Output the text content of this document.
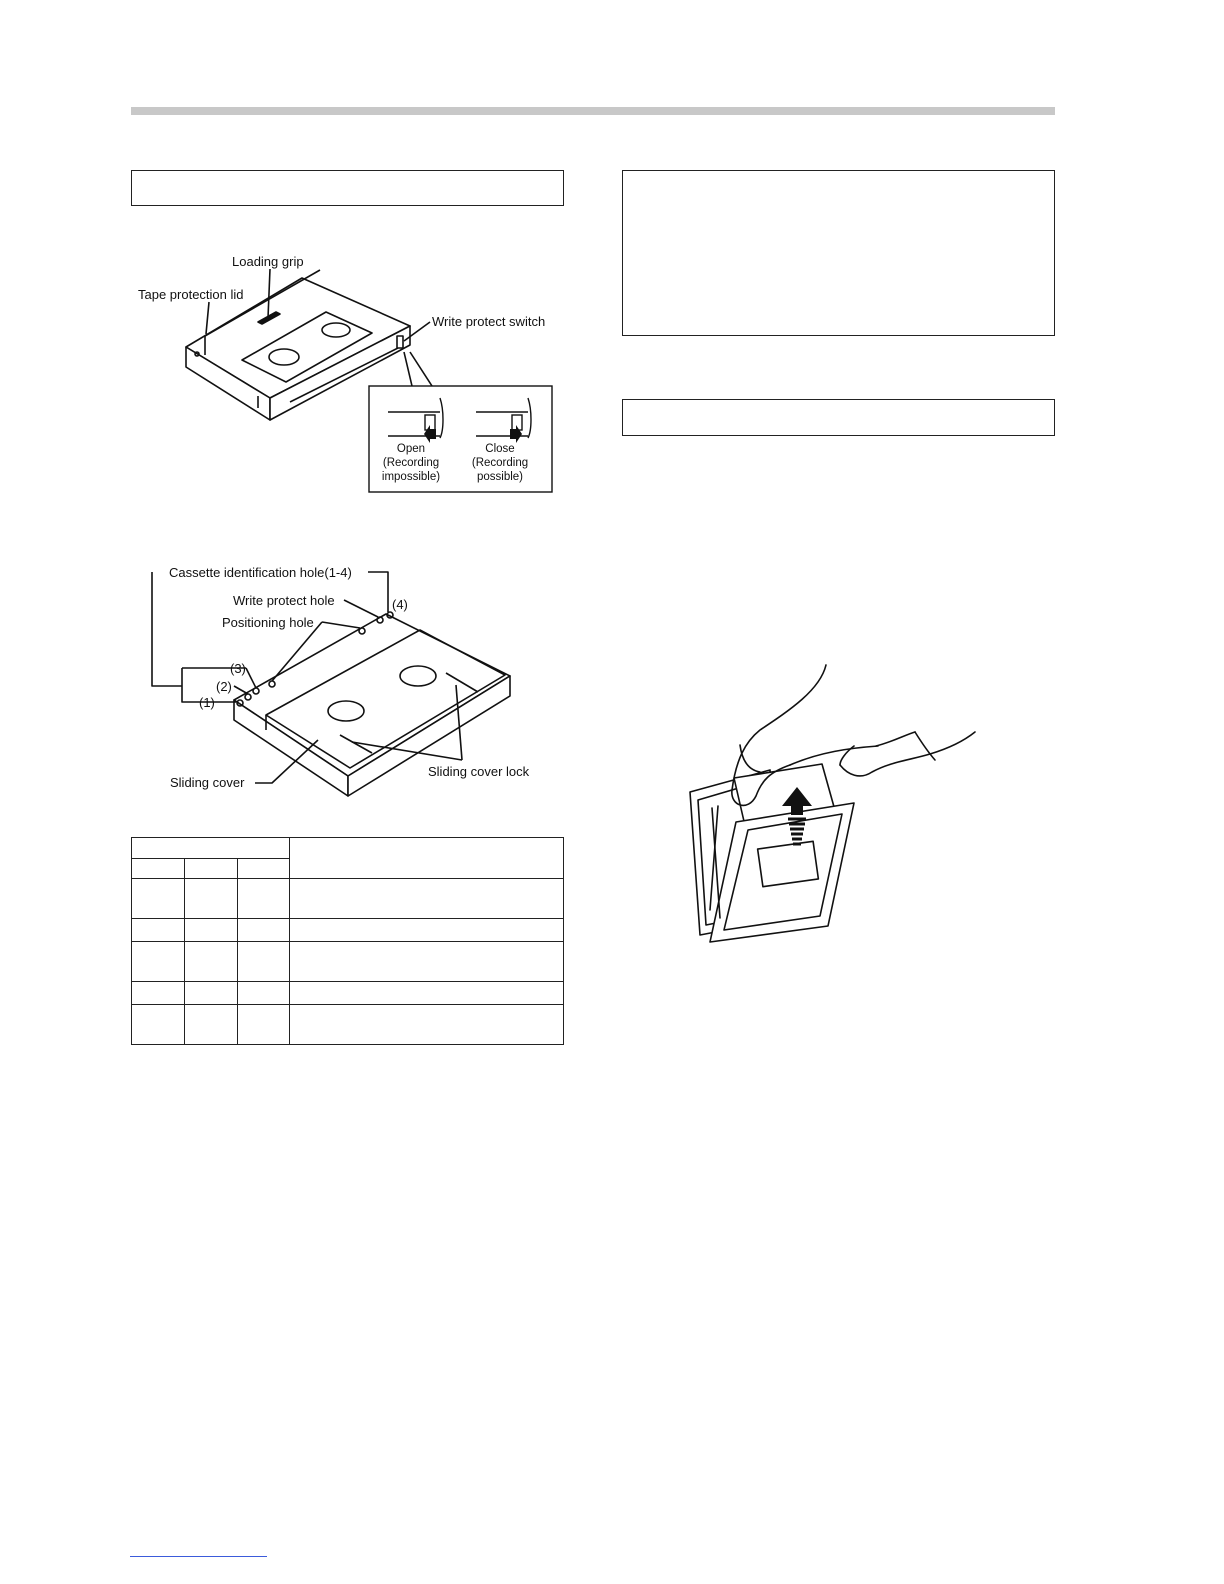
Loading grip
Tape protection lid
Write protect switch
Open
(Recording
impossible)
Close
(Recording
possible)
Cassette identification hole(1-4)
Write protect hole
Positioning hole
(4)
(3)
(2)
(1)
Sliding cover
Sliding cover lock
